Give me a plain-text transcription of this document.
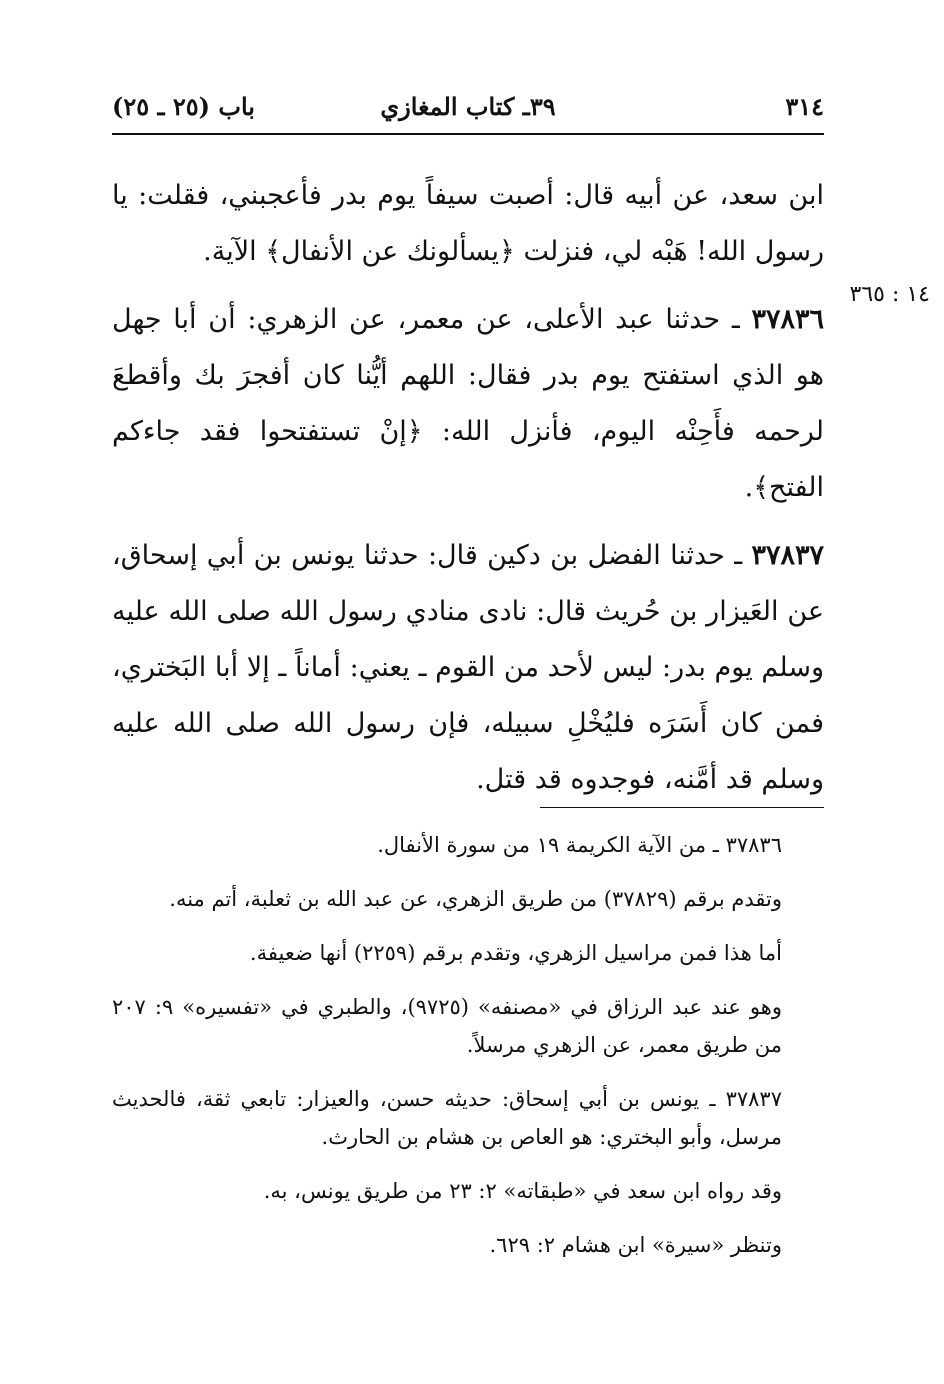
٣١٤
٣٩ـ كتاب المغازي
باب (٢٥ ـ ٢٥)
١٤ : ٣٦٥

ابن سعد، عن أبيه قال: أصبت سيفاً يوم بدر فأعجبني، فقلت: يا رسول الله! هَبْه لي، فنزلت ﴿يسألونك عن الأنفال﴾ الآية.

٣٧٨٣٦ ـ حدثنا عبد الأعلى، عن معمر، عن الزهري: أن أبا جهل هو الذي استفتح يوم بدر فقال: اللهم أيُّنا كان أفجرَ بك وأقطعَ لرحمه فأَحِنْه اليوم، فأنزل الله: ﴿إنْ تستفتحوا فقد جاءكم الفتح﴾.

٣٧٨٣٧ ـ حدثنا الفضل بن دكين قال: حدثنا يونس بن أبي إسحاق، عن العَيزار بن حُريث قال: نادى منادي رسول الله صلى الله عليه وسلم يوم بدر: ليس لأحد من القوم ـ يعني: أماناً ـ إلا أبا البَختري، فمن كان أَسَرَه فليُخْلِ سبيله، فإن رسول الله صلى الله عليه وسلم قد أمَّنه، فوجدوه قد قتل.

٣٧٨٣٦ ـ من الآية الكريمة ١٩ من سورة الأنفال.

وتقدم برقم (٣٧٨٢٩) من طريق الزهري، عن عبد الله بن ثعلبة، أتم منه.

أما هذا فمن مراسيل الزهري، وتقدم برقم (٢٢٥٩) أنها ضعيفة.

وهو عند عبد الرزاق في «مصنفه» (٩٧٢٥)، والطبري في «تفسيره» ٩: ٢٠٧ من طريق معمر، عن الزهري مرسلاً.

٣٧٨٣٧ ـ يونس بن أبي إسحاق: حديثه حسن، والعيزار: تابعي ثقة، فالحديث مرسل، وأبو البختري: هو العاص بن هشام بن الحارث.

وقد رواه ابن سعد في «طبقاته» ٢: ٢٣ من طريق يونس، به.

وتنظر «سيرة» ابن هشام ٢: ٦٢٩.
